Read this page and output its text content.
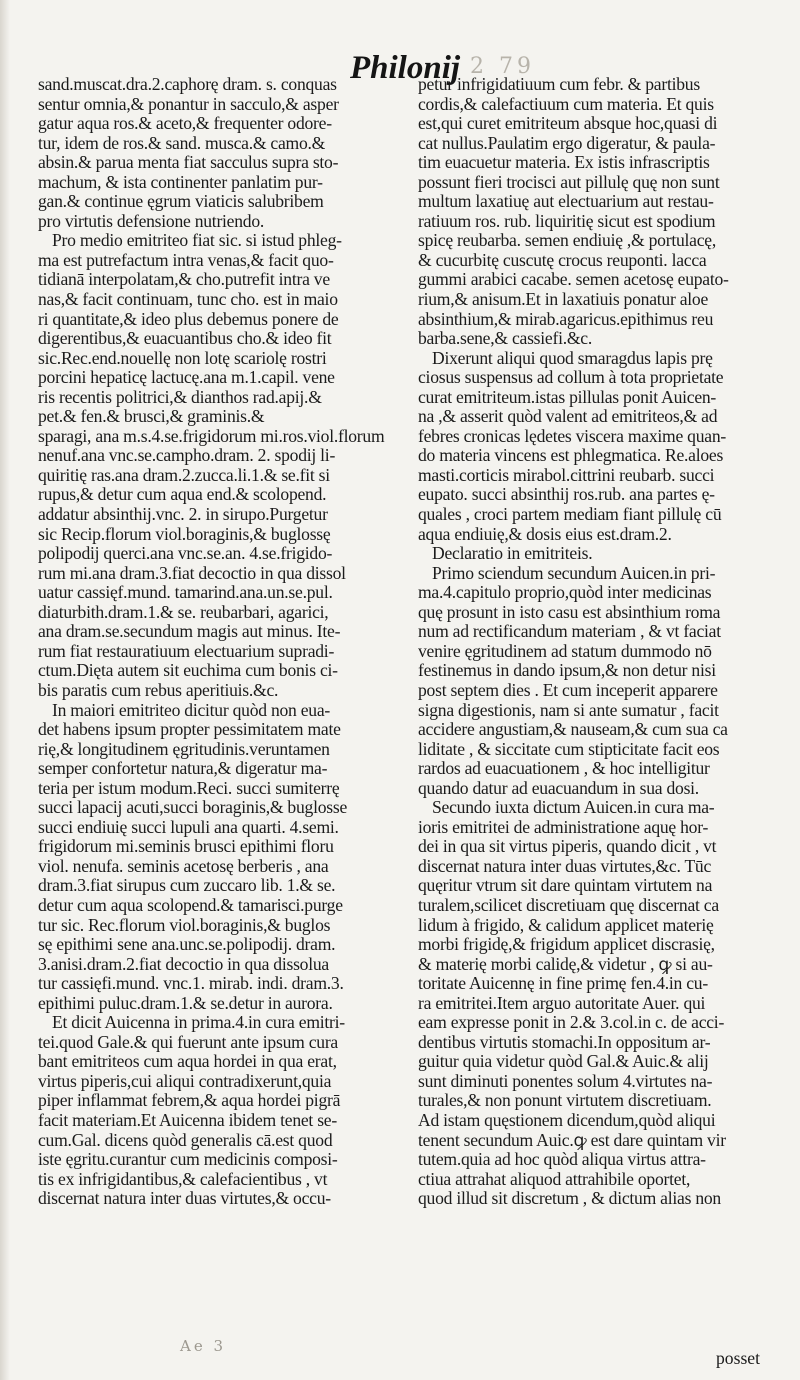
2 79
Philonij
sand.muscat.dra.2.caphorę dram. s. conquas
sentur omnia,& ponantur in sacculo,& asper
gatur aqua ros.& aceto,& frequenter odore-
tur, idem de ros.& sand. musca.& camo.&
absin.& parua menta fiat sacculus supra sto-
machum, & ista continenter panlatim pur-
gan.& continue ęgrum viaticis salubribem
pro virtutis defensione nutriendo.
Pro medio emitriteo fiat sic. si istud phleg-
ma est putrefactum intra venas,& facit quo-
tidianā interpolatam,& cho.putrefit intra ve
nas,& facit continuam, tunc cho. est in maio
ri quantitate,& ideo plus debemus ponere de
digerentibus,& euacuantibus cho.& ideo fit
sic.Rec.end.nouellę non lotę scariolę rostri
porcini hepaticę lactucę.ana m.1.capil. vene
ris recentis politrici,& dianthos rad.apij.&
pet.& fen.& brusci,& graminis.&
sparagi, ana m.s.4.se.frigidorum mi.ros.viol.florum
nenuf.ana vnc.se.campho.dram. 2. spodij li-
quiritię ras.ana dram.2.zucca.li.1.& se.fit si
rupus,& detur cum aqua end.& scolopend.
addatur absinthij.vnc. 2. in sirupo.Purgetur
sic Recip.florum viol.boraginis,& buglossę
polipodij querci.ana vnc.se.an. 4.se.frigido-
rum mi.ana dram.3.fiat decoctio in qua dissol
uatur cassięf.mund. tamarind.ana.un.se.pul.
diaturbith.dram.1.& se. reubarbari, agarici,
ana dram.se.secundum magis aut minus. Ite-
rum fiat restauratiuum electuarium supradi-
ctum.Dięta autem sit euchima cum bonis ci-
bis paratis cum rebus aperitiuis.&c.
In maiori emitriteo dicitur quòd non eua-
det habens ipsum propter pessimitatem mate
rię,& longitudinem ęgritudinis.veruntamen
semper confortetur natura,& digeratur ma-
teria per istum modum.Reci. succi sumiterrę
succi lapacij acuti,succi boraginis,& buglosse
succi endiuię succi lupuli ana quarti. 4.semi.
frigidorum mi.seminis brusci epithimi floru
viol. nenufa. seminis acetosę berberis , ana
dram.3.fiat sirupus cum zuccaro lib. 1.& se.
detur cum aqua scolopend.& tamarisci.purge
tur sic. Rec.florum viol.boraginis,& buglos
sę epithimi sene ana.unc.se.polipodij. dram.
3.anisi.dram.2.fiat decoctio in qua dissolua
tur cassięfi.mund. vnc.1. mirab. indi. dram.3.
epithimi puluc.dram.1.& se.detur in aurora.
Et dicit Auicenna in prima.4.in cura emitri-
tei.quod Gale.& qui fuerunt ante ipsum cura
bant emitriteos cum aqua hordei in qua erat,
virtus piperis,cui aliqui contradixerunt,quia
piper inflammat febrem,& aqua hordei pigrā
facit materiam.Et Auicenna ibidem tenet se-
cum.Gal. dicens quòd generalis cā.est quod
iste ęgritu.curantur cum medicinis composi-
tis ex infrigidantibus,& calefacientibus , vt
discernat natura inter duas virtutes,& occu-
petur infrigidatiuum cum febr. & partibus
cordis,& calefactiuum cum materia. Et quis
est,qui curet emitriteum absque hoc,quasi di
cat nullus.Paulatim ergo digeratur, & paula-
tim euacuetur materia. Ex istis infrascriptis
possunt fieri trocisci aut pillulę quę non sunt
multum laxatiuę aut electuarium aut restau-
ratiuum ros. rub. liquiritię sicut est spodium
spicę reubarba. semen endiuię ,& portulacę,
& cucurbitę cuscutę crocus reuponti. lacca
gummi arabici cacabe. semen acetosę eupato-
rium,& anisum.Et in laxatiuis ponatur aloe
absinthium,& mirab.agaricus.epithimus reu
barba.sene,& cassiefi.&c.
Dixerunt aliqui quod smaragdus lapis prę
ciosus suspensus ad collum à tota proprietate
curat emitriteum.istas pillulas ponit Auicen-
na ,& asserit quòd valent ad emitriteos,& ad
febres cronicas lędetes viscera maxime quan-
do materia vincens est phlegmatica. Re.aloes
masti.corticis mirabol.cittrini reubarb. succi
eupato. succi absinthij ros.rub. ana partes ę-
quales , croci partem mediam fiant pillulę cū
aqua endiuię,& dosis eius est.dram.2.
Declaratio in emitriteis.
Primo sciendum secundum Auicen.in pri-
ma.4.capitulo proprio,quòd inter medicinas
quę prosunt in isto casu est absinthium roma
num ad rectificandum materiam , & vt faciat
venire ęgritudinem ad statum dummodo nō
festinemus in dando ipsum,& non detur nisi
post septem dies . Et cum inceperit apparere
signa digestionis, nam si ante sumatur , facit
accidere angustiam,& nauseam,& cum sua ca
liditate , & siccitate cum stipticitate facit eos
rardos ad euacuationem , & hoc intelligitur
quando datur ad euacuandum in sua dosi.
Secundo iuxta dictum Auicen.in cura ma-
ioris emitritei de administratione aquę hor-
dei in qua sit virtus piperis, quando dicit , vt
discernat natura inter duas virtutes,&c. Tūc
quęritur vtrum sit dare quintam virtutem na
turalem,scilicet discretiuam quę discernat ca
lidum à frigido, & calidum applicet materię
morbi frigidę,& frigidum applicet discrasię,
& materię morbi calidę,& videtur , ꝙ si au-
toritate Auicennę in fine primę fen.4.in cu-
ra emitritei.Item arguo autoritate Auer. qui
eam expresse ponit in 2.& 3.col.in c. de acci-
dentibus virtutis stomachi.In oppositum ar-
guitur quia videtur quòd Gal.& Auic.& alij
sunt diminuti ponentes solum 4.virtutes na-
turales,& non ponunt virtutem discretiuam.
Ad istam quęstionem dicendum,quòd aliqui
tenent secundum Auic.ꝙ est dare quintam vir
tutem.quia ad hoc quòd aliqua virtus attra-
ctiua attrahat aliquod attrahibile oportet,
quod illud sit discretum , & dictum alias non
Ae 3
posset
